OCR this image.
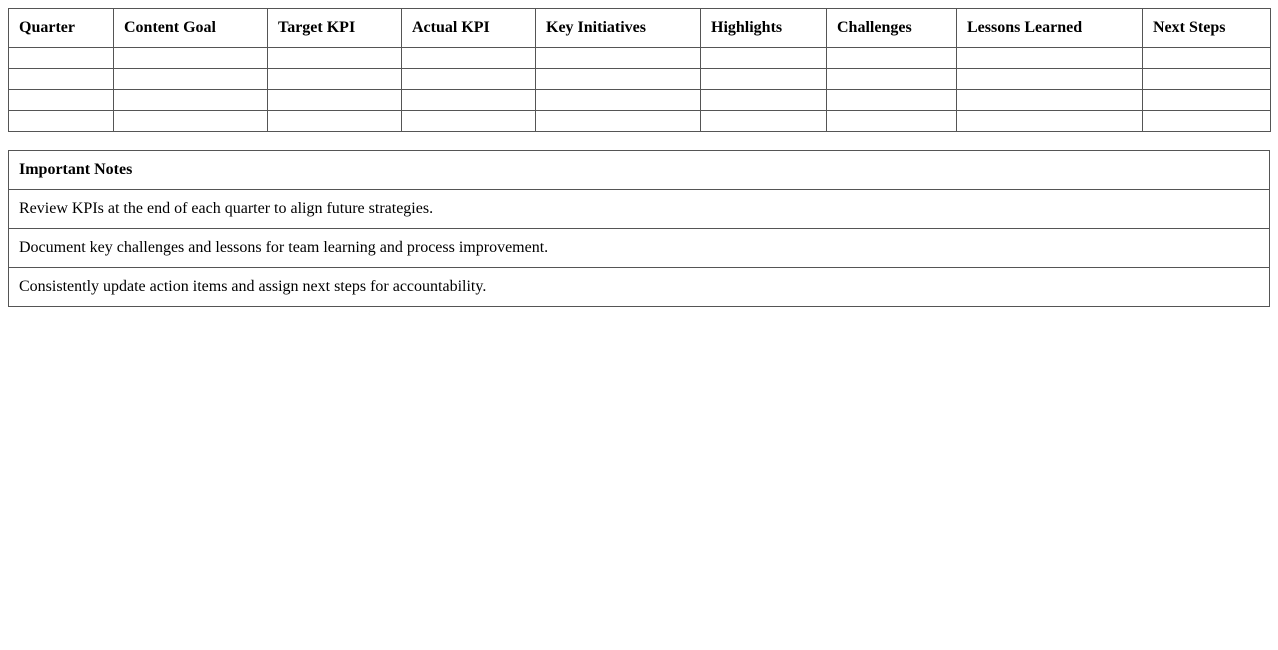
Quarter	Content Goal	Target KPI	Actual KPI	Key Initiatives	Highlights	Challenges	Lessons Learned	Next Steps

Important Notes
Review KPIs at the end of each quarter to align future strategies.
Document key challenges and lessons for team learning and process improvement.
Consistently update action items and assign next steps for accountability.
